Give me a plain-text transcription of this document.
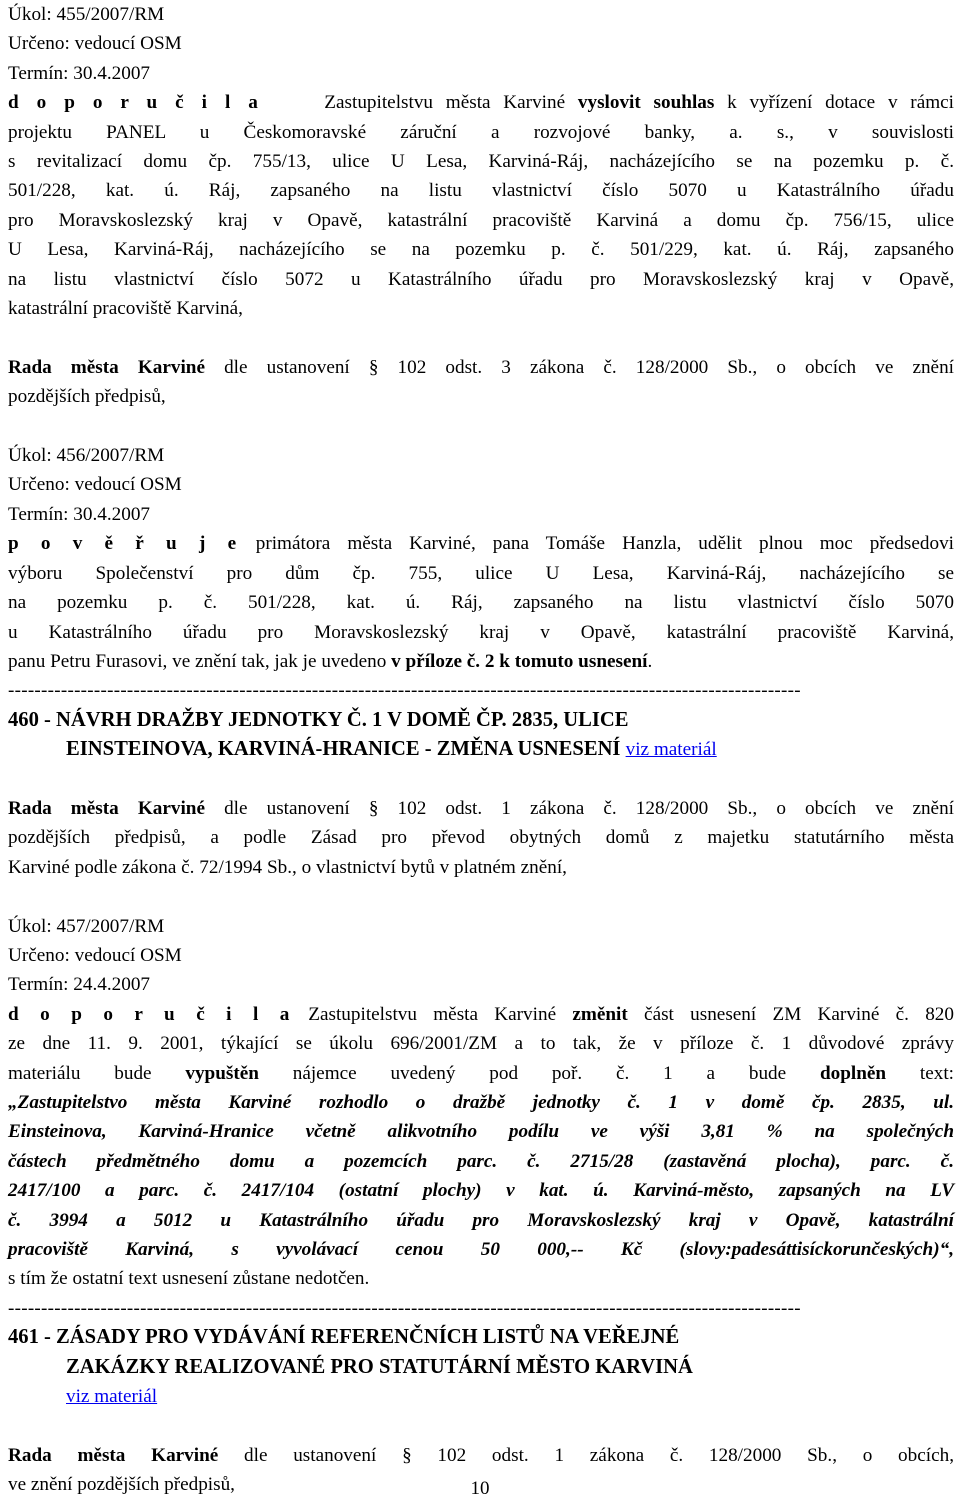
Úkol: 455/2007/RM
Určeno: vedoucí OSM
Termín: 30.4.2007
d o p o r u č i l a	Zastupitelstvu města Karviné vyslovit souhlas k vyřízení dotace v rámci
projektu PANEL u Českomoravské záruční a rozvojové banky, a. s., v souvislosti
s revitalizací domu čp. 755/13, ulice U Lesa, Karviná-Ráj, nacházejícího se na pozemku p. č.
501/228, kat. ú. Ráj, zapsaného na listu vlastnictví číslo 5070 u Katastrálního úřadu
pro Moravskoslezský kraj v Opavě, katastrální pracoviště Karviná a domu čp. 756/15, ulice
U Lesa, Karviná-Ráj, nacházejícího se na pozemku p. č. 501/229, kat. ú. Ráj, zapsaného
na listu vlastnictví číslo 5072 u Katastrálního úřadu pro Moravskoslezský kraj v Opavě,
katastrální pracoviště Karviná,
Rada města Karviné dle ustanovení § 102 odst. 3 zákona č. 128/2000 Sb., o obcích ve znění
pozdějších předpisů,
Úkol: 456/2007/RM
Určeno: vedoucí OSM
Termín: 30.4.2007
p o v ě ř u j e primátora města Karviné, pana Tomáše Hanzla, udělit plnou moc předsedovi
výboru Společenství pro dům čp. 755, ulice U Lesa, Karviná-Ráj, nacházejícího se
na pozemku p. č. 501/228, kat. ú. Ráj, zapsaného na listu vlastnictví číslo 5070
u Katastrálního úřadu pro Moravskoslezský kraj v Opavě, katastrální pracoviště Karviná,
panu Petru Furasovi, ve znění tak, jak je uvedeno v příloze č. 2 k tomuto usnesení.
------------------------------------------------------------------------------------------------------------------------
460 - NÁVRH DRAŽBY JEDNOTKY Č. 1 V DOMĚ ČP. 2835, ULICE
EINSTEINOVA, KARVINÁ-HRANICE - ZMĚNA USNESENÍ viz materiál
Rada města Karviné dle ustanovení § 102 odst. 1 zákona č. 128/2000 Sb., o obcích ve znění
pozdějších předpisů, a podle Zásad pro převod obytných domů z majetku statutárního města
Karviné podle zákona č. 72/1994 Sb., o vlastnictví bytů v platném znění,
Úkol: 457/2007/RM
Určeno: vedoucí OSM
Termín: 24.4.2007
d o p o r u č i l a Zastupitelstvu města Karviné změnit část usnesení ZM Karviné č. 820
ze dne 11. 9. 2001, týkající se úkolu 696/2001/ZM a to tak, že v příloze č. 1 důvodové zprávy
materiálu bude vypuštěn nájemce uvedený pod poř. č. 1 a bude doplněn text:
„Zastupitelstvo města Karviné rozhodlo o dražbě jednotky č. 1 v domě čp. 2835, ul.
Einsteinova, Karviná-Hranice včetně alikvotního podílu ve výši 3,81 % na společných
částech předmětného domu a pozemcích parc. č. 2715/28 (zastavěná plocha), parc. č.
2417/100 a parc. č. 2417/104 (ostatní plochy) v kat. ú. Karviná-město, zapsaných na LV
č. 3994 a 5012 u Katastrálního úřadu pro Moravskoslezský kraj v Opavě, katastrální
pracoviště Karviná, s vyvolávací cenou 50 000,-- Kč (slovy:padesáttisíckorunčeských)“,
s tím že ostatní text usnesení zůstane nedotčen.
------------------------------------------------------------------------------------------------------------------------
461 - ZÁSADY PRO VYDÁVÁNÍ REFERENČNÍCH LISTŮ NA VEŘEJNÉ
ZAKÁZKY REALIZOVANÉ PRO STATUTÁRNÍ MĚSTO KARVINÁ
viz materiál
Rada města Karviné dle ustanovení § 102 odst. 1 zákona č. 128/2000 Sb., o obcích,
ve znění pozdějších předpisů,	10
